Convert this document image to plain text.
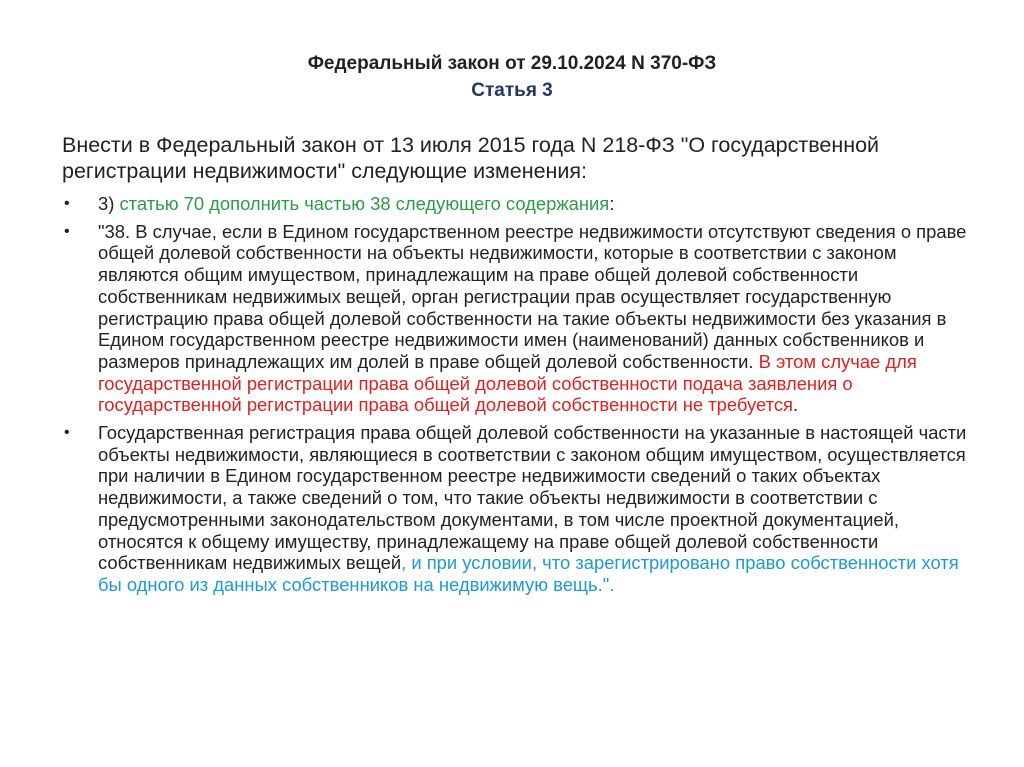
Федеральный закон от 29.10.2024 N 370-ФЗ
Статья 3
Внести в Федеральный закон от 13 июля 2015 года N 218-ФЗ "О государственной регистрации недвижимости" следующие изменения:
• 3) статью 70 дополнить частью 38 следующего содержания:
• "38. В случае, если в Едином государственном реестре недвижимости отсутствуют сведения о праве общей долевой собственности на объекты недвижимости, которые в соответствии с законом являются общим имуществом, принадлежащим на праве общей долевой собственности собственникам недвижимых вещей, орган регистрации прав осуществляет государственную регистрацию права общей долевой собственности на такие объекты недвижимости без указания в Едином государственном реестре недвижимости имен (наименований) данных собственников и размеров принадлежащих им долей в праве общей долевой собственности. В этом случае для государственной регистрации права общей долевой собственности подача заявления о государственной регистрации права общей долевой собственности не требуется.
• Государственная регистрация права общей долевой собственности на указанные в настоящей части объекты недвижимости, являющиеся в соответствии с законом общим имуществом, осуществляется при наличии в Едином государственном реестре недвижимости сведений о таких объектах недвижимости, а также сведений о том, что такие объекты недвижимости в соответствии с предусмотренными законодательством документами, в том числе проектной документацией, относятся к общему имуществу, принадлежащему на праве общей долевой собственности собственникам недвижимых вещей, и при условии, что зарегистрировано право собственности хотя бы одного из данных собственников на недвижимую вещь.".
